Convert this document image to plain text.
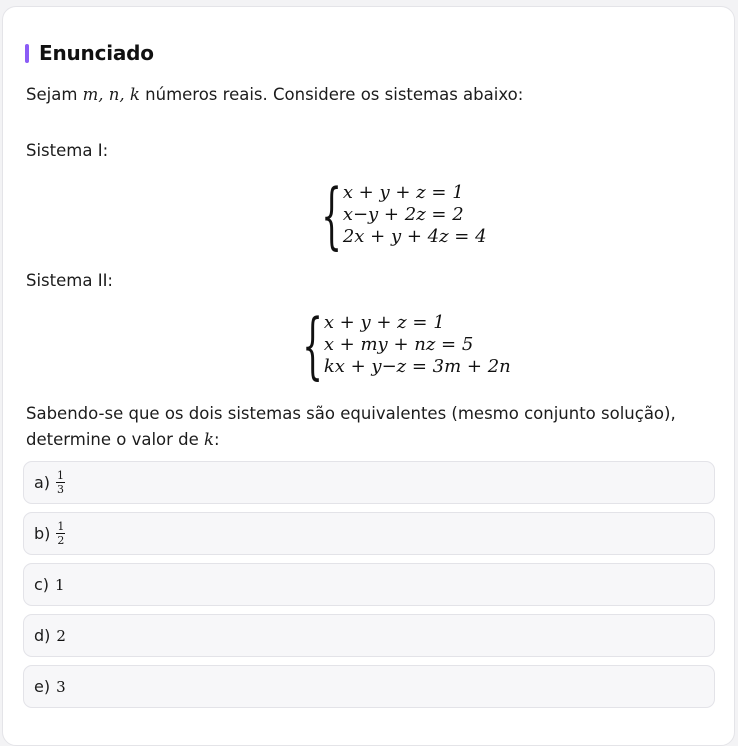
Enunciado
Sejam m, n, k números reais. Considere os sistemas abaixo:
Sistema I:
{ x + y + z = 1
x−y + 2z = 2
2x + y + 4z = 4
Sistema II:
{ x + y + z = 1
x + my + nz = 5
kx + y−z = 3m + 2n
Sabendo-se que os dois sistemas são equivalentes (mesmo conjunto solução),
determine o valor de k:
$a) \frac{1}{3}$
$b) \frac{1}{2}$
c) 1
d) 2
e) 3
